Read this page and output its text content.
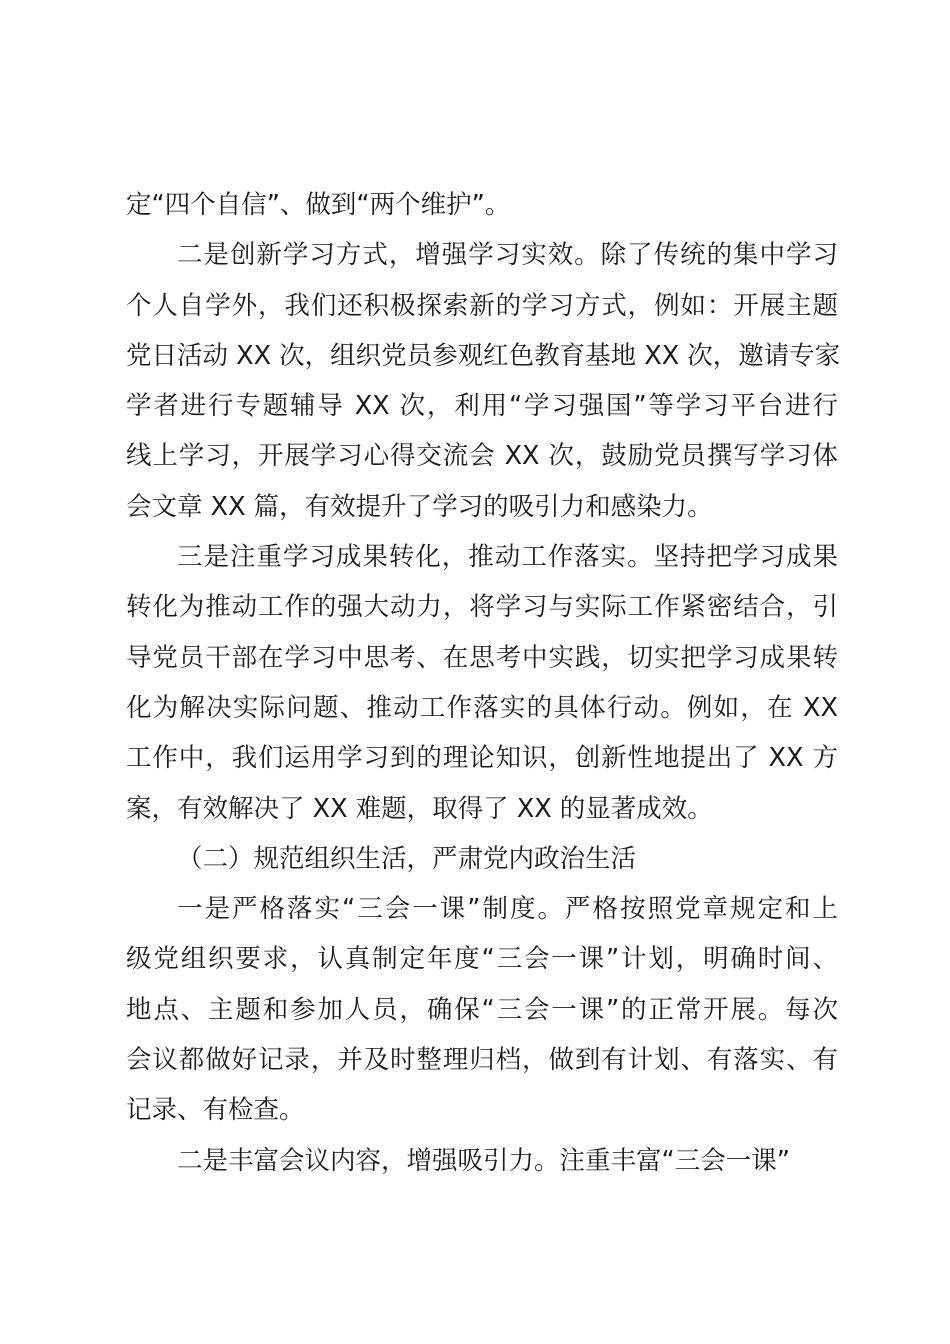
定“四个自信”、做到“两个维护”。
二是创新学习方式，增强学习实效。除了传统的集中学习
个人自学外，我们还积极探索新的学习方式，例如：开展主题
党日活动 XX 次，组织党员参观红色教育基地 XX 次，邀请专家
学者进行专题辅导 XX 次，利用“学习强国”等学习平台进行
线上学习，开展学习心得交流会 XX 次，鼓励党员撰写学习体
会文章 XX 篇，有效提升了学习的吸引力和感染力。
三是注重学习成果转化，推动工作落实。坚持把学习成果
转化为推动工作的强大动力，将学习与实际工作紧密结合，引
导党员干部在学习中思考、在思考中实践，切实把学习成果转
化为解决实际问题、推动工作落实的具体行动。例如，在 XX
工作中，我们运用学习到的理论知识，创新性地提出了 XX 方
案，有效解决了 XX 难题，取得了 XX 的显著成效。
（二）规范组织生活，严肃党内政治生活
一是严格落实“三会一课”制度。严格按照党章规定和上
级党组织要求，认真制定年度“三会一课”计划，明确时间、
地点、主题和参加人员，确保“三会一课”的正常开展。每次
会议都做好记录，并及时整理归档，做到有计划、有落实、有
记录、有检查。
二是丰富会议内容，增强吸引力。注重丰富“三会一课”
